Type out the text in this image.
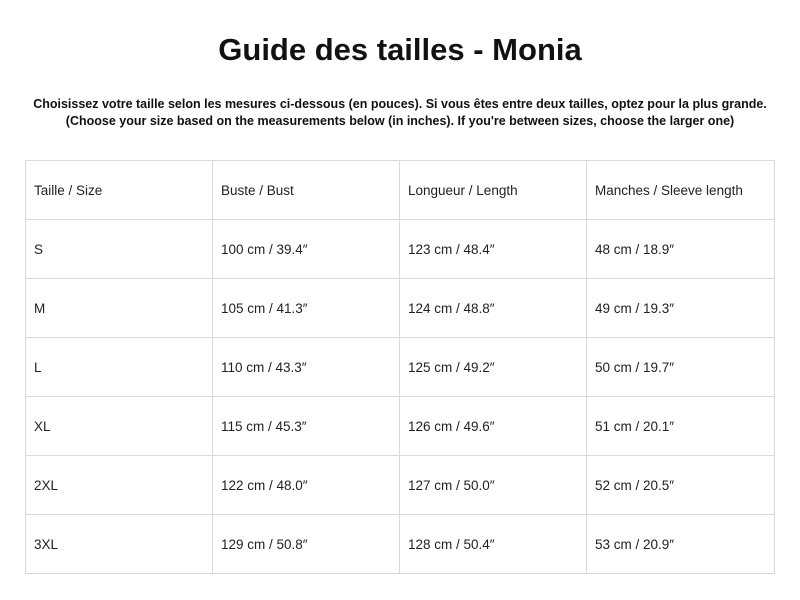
Guide des tailles - Monia
Choisissez votre taille selon les mesures ci-dessous (en pouces). Si vous êtes entre deux tailles, optez pour la plus grande.
(Choose your size based on the measurements below (in inches). If you're between sizes, choose the larger one)
Taille / Size	Buste / Bust	Longueur / Length	Manches / Sleeve length
S	100 cm / 39.4″	123 cm / 48.4″	48 cm / 18.9″
M	105 cm / 41.3″	124 cm / 48.8″	49 cm / 19.3″
L	110 cm / 43.3″	125 cm / 49.2″	50 cm / 19.7″
XL	115 cm / 45.3″	126 cm / 49.6″	51 cm / 20.1″
2XL	122 cm / 48.0″	127 cm / 50.0″	52 cm / 20.5″
3XL	129 cm / 50.8″	128 cm / 50.4″	53 cm / 20.9″
